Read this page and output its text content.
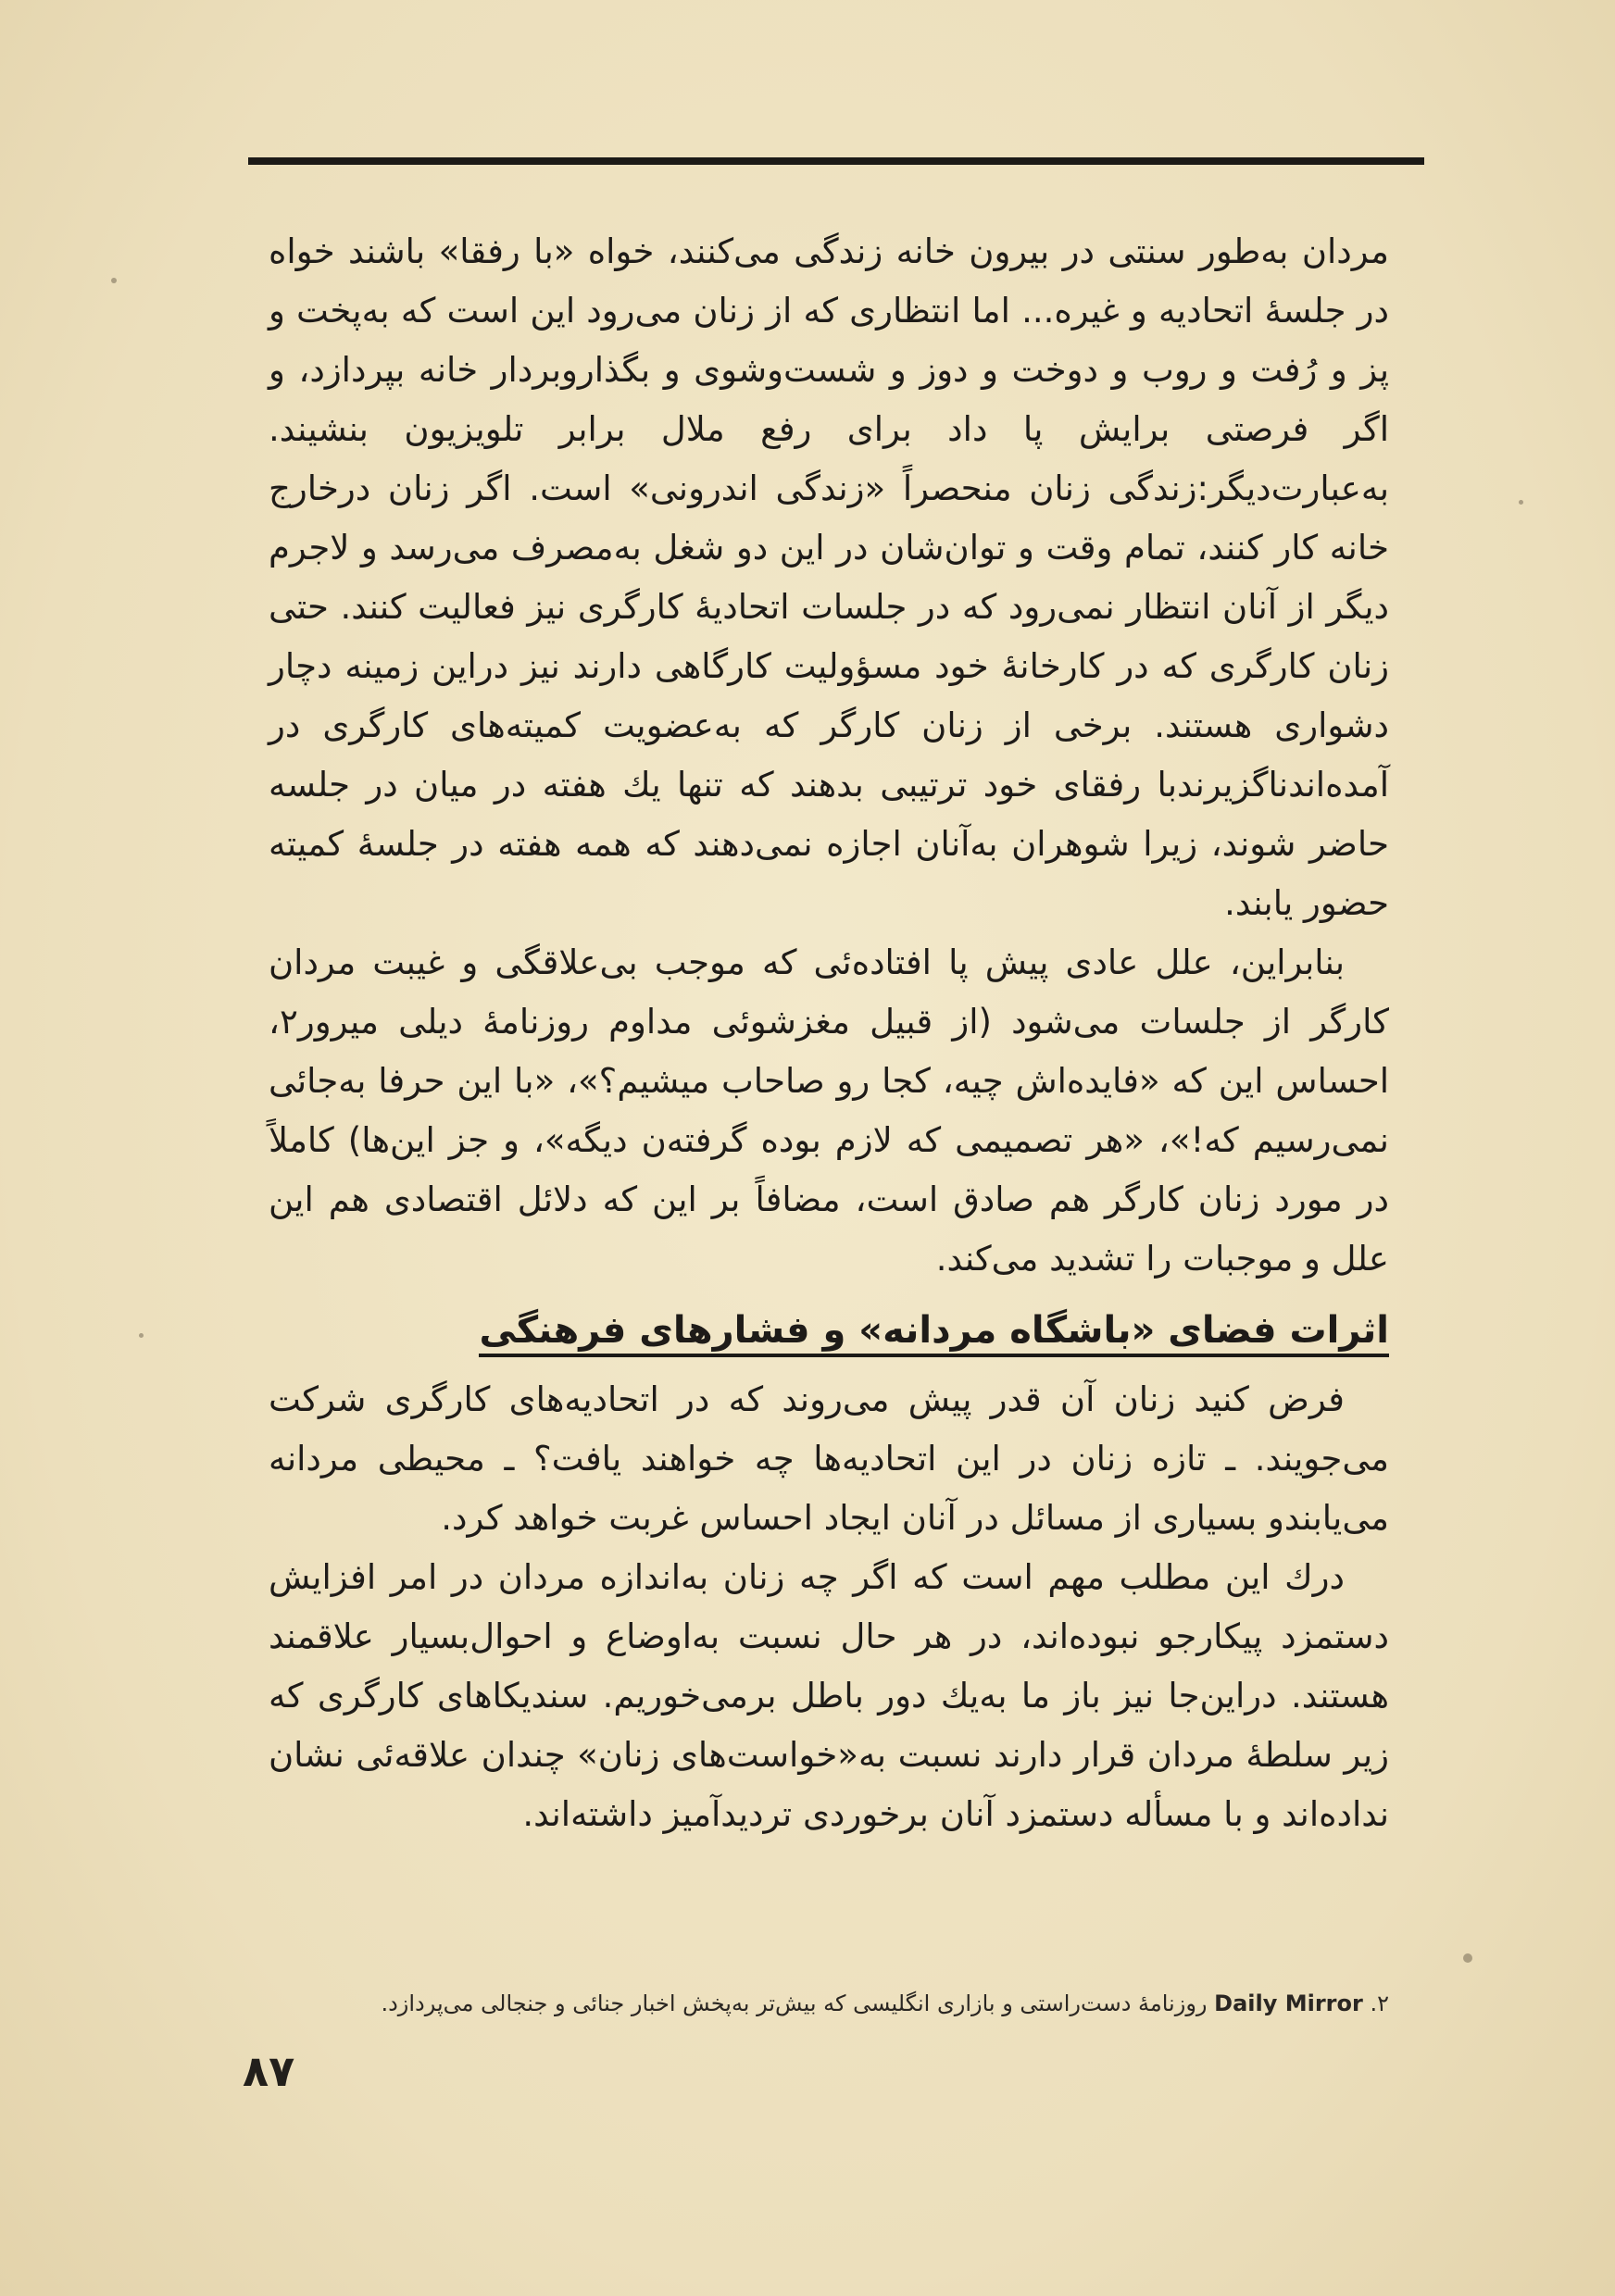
مردان به‌طور سنتی در بیرون خانه زندگی می‌کنند، خواه «با رفقا» باشند خواه در جلسهٔ اتحادیه و غیره... اما انتظاری که از زنان می‌رود این است که به‌پخت و پز و رُفت و روب و دوخت و دوز و شست‌وشوی و بگذاروبردار خانه بپردازد، و اگر فرصتی برایش پا داد برای رفع ملال برابر تلویزیون بنشیند. به‌عبارت‌دیگر:زندگی زنان منحصراً «زندگی اندرونی» است. اگر زنان درخارج خانه کار کنند، تمام وقت و توان‌شان در این دو شغل به‌مصرف می‌رسد و لاجرم دیگر از آنان انتظار نمی‌رود که در جلسات اتحادیهٔ کارگری نیز فعالیت کنند. حتی زنان کارگری که در کارخانهٔ خود مسؤولیت کارگاهی دارند نیز دراین زمینه دچار دشواری هستند. برخی از زنان کارگر که به‌عضویت کمیته‌های کارگری در آمده‌اندناگزیرندبا رفقای خود ترتیبی بدهند که تنها یك هفته در میان در جلسه حاضر شوند، زیرا شوهران به‌آنان اجازه نمی‌دهند که همه هفته در جلسهٔ کمیته حضور یابند.

بنابراین، علل عادی پیش پا افتاده‌ئی که موجب بی‌علاقگی و غیبت مردان کارگر از جلسات می‌شود (از قبیل مغزشوئی مداوم روزنامهٔ دیلی میرور۲، احساس این که «فایده‌اش چیه، کجا رو صاحاب میشیم؟»، «با این حرفا به‌جائی نمی‌رسیم که!»، «هر تصمیمی که لازم بوده گرفته‌ن دیگه»، و جز این‌ها) کاملاً در مورد زنان کارگر هم صادق است، مضافاً بر این که دلائل اقتصادی هم این علل و موجبات را تشدید می‌کند.

اثرات فضای «باشگاه مردانه» و فشارهای فرهنگی

فرض کنید زنان آن قدر پیش می‌روند که در اتحادیه‌های کارگری شرکت می‌جویند. ـ تازه زنان در این اتحادیه‌ها چه خواهند یافت؟ ـ محیطی مردانه می‌یابندو بسیاری از مسائل در آنان ایجاد احساس غربت خواهد کرد.

درك این مطلب مهم است که اگر چه زنان به‌اندازه مردان در امر افزایش دستمزد پیکارجو نبوده‌اند، در هر حال نسبت به‌اوضاع و احوال‌بسیار علاقمند هستند. دراین‌جا نیز باز ما به‌یك دور باطل برمی‌خوریم. سندیکاهای کارگری که زیر سلطهٔ مردان قرار دارند نسبت به«خواست‌های زنان» چندان علاقه‌ئی نشان نداده‌اند و با مسأله دستمزد آنان برخوردی تردیدآمیز داشته‌اند.

۲. Daily Mirror روزنامهٔ دست‌راستی و بازاری انگلیسی که بیش‌تر به‌پخش اخبار جنائی و جنجالی می‌پردازد.
۸۷
